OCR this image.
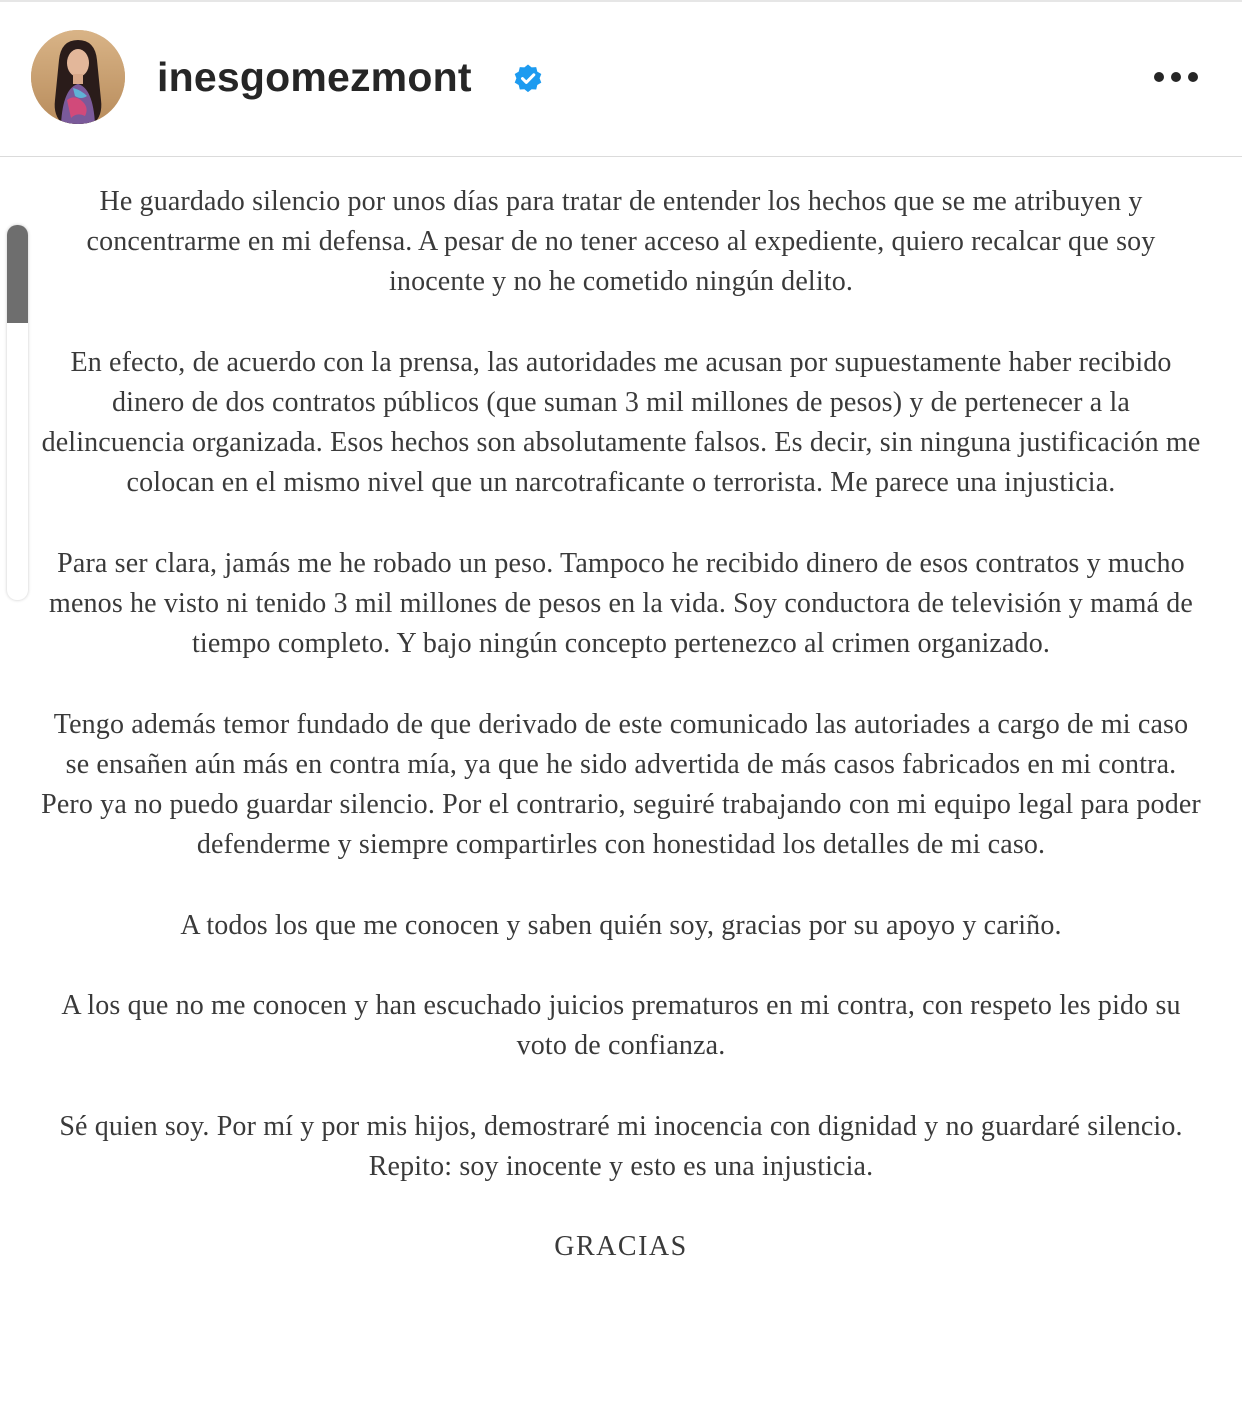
inesgomezmont

He guardado silencio por unos días para tratar de entender los hechos que se me atribuyen y concentrarme en mi defensa. A pesar de no tener acceso al expediente, quiero recalcar que soy inocente y no he cometido ningún delito.

En efecto, de acuerdo con la prensa, las autoridades me acusan por supuestamente haber recibido dinero de dos contratos públicos (que suman 3 mil millones de pesos) y de pertenecer a la delincuencia organizada. Esos hechos son absolutamente falsos. Es decir, sin ninguna justificación me colocan en el mismo nivel que un narcotraficante o terrorista. Me parece una injusticia.

Para ser clara, jamás me he robado un peso. Tampoco he recibido dinero de esos contratos y mucho menos he visto ni tenido 3 mil millones de pesos en la vida. Soy conductora de televisión y mamá de tiempo completo. Y bajo ningún concepto pertenezco al crimen organizado.

Tengo además temor fundado de que derivado de este comunicado las autoriades a cargo de mi caso se ensañen aún más en contra mía, ya que he sido advertida de más casos fabricados en mi contra. Pero ya no puedo guardar silencio. Por el contrario, seguiré trabajando con mi equipo legal para poder defenderme y siempre compartirles con honestidad los detalles de mi caso.

A todos los que me conocen y saben quién soy, gracias por su apoyo y cariño.

A los que no me conocen y han escuchado juicios prematuros en mi contra, con respeto les pido su voto de confianza.

Sé quien soy. Por mí y por mis hijos, demostraré mi inocencia con dignidad y no guardaré silencio. Repito: soy inocente y esto es una injusticia.

GRACIAS
